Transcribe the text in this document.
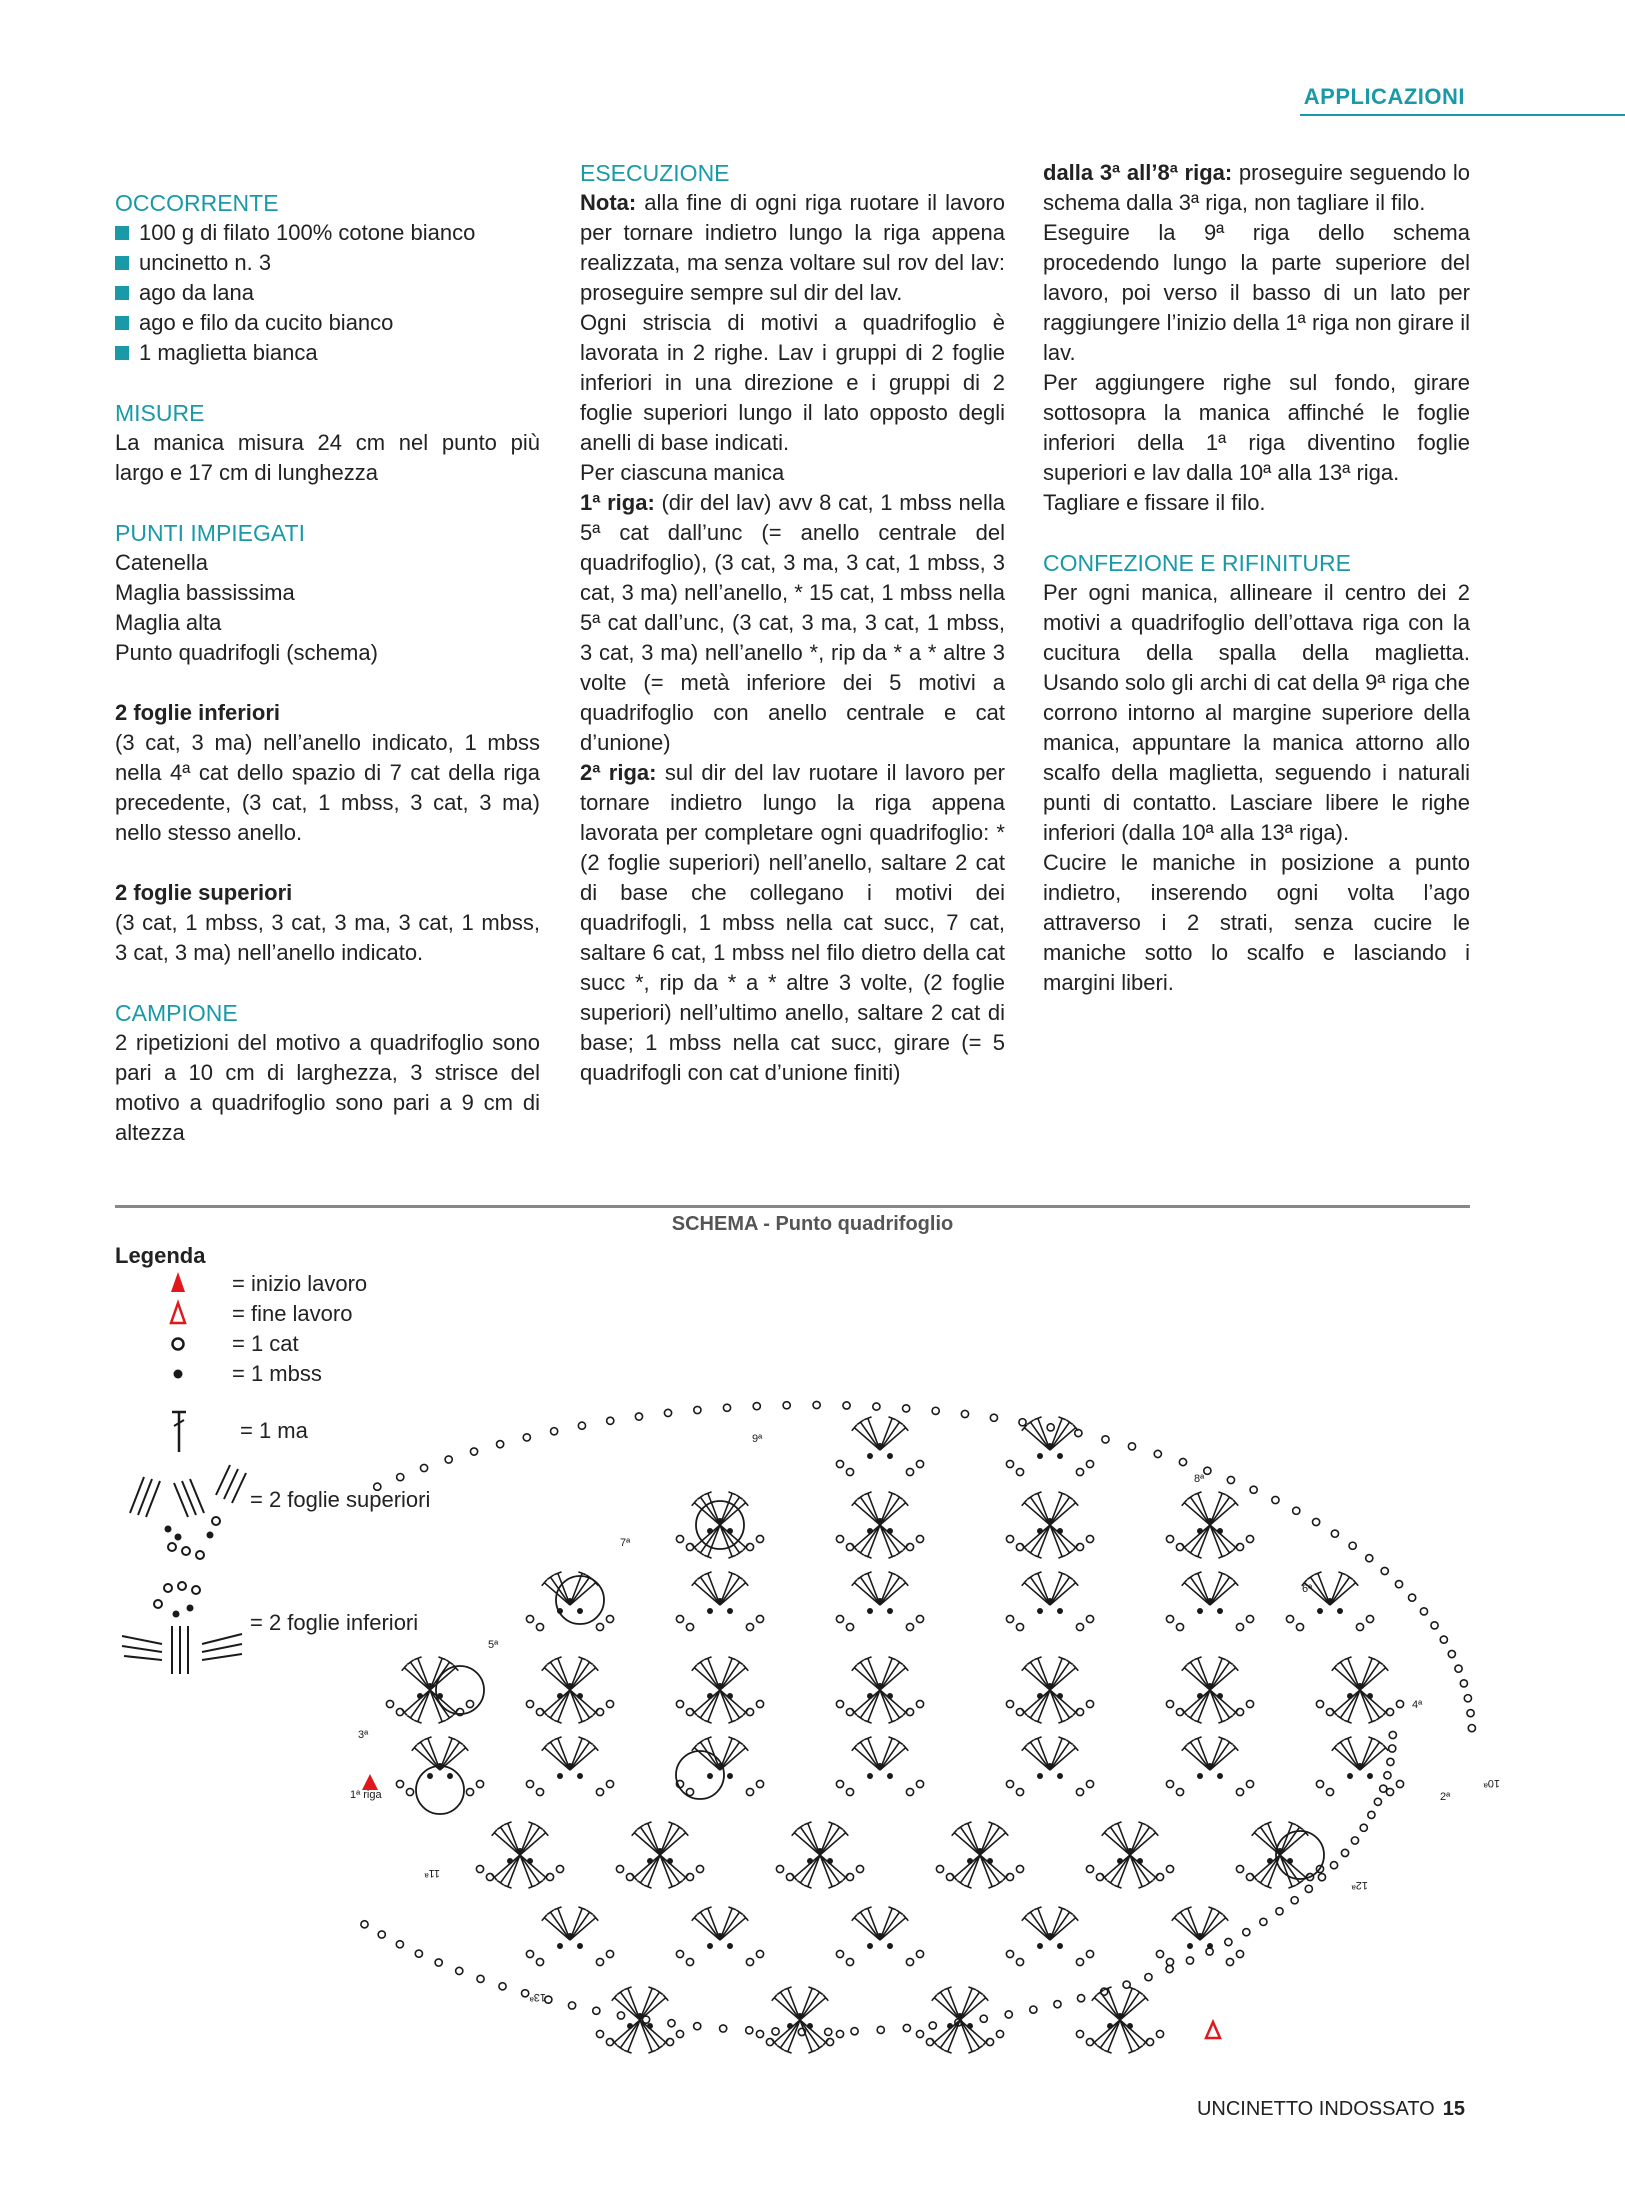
APPLICAZIONI

OCCORRENTE

100 g di filato 100% cotone bianco
uncinetto n. 3
ago da lana
ago e filo da cucito bianco
1 maglietta bianca

MISURE

La manica misura 24 cm nel punto più largo e 17 cm di lunghezza

PUNTI IMPIEGATI

Catenella

Maglia bassissima

Maglia alta

Punto quadrifogli (schema)

2 foglie inferiori

(3 cat, 3 ma) nell’anello indicato, 1 mbss nella 4ª cat dello spazio di 7 cat della riga precedente, (3 cat, 1 mbss, 3 cat, 3 ma) nello stesso anello.

2 foglie superiori

(3 cat, 1 mbss, 3 cat, 3 ma, 3 cat, 1 mbss, 3 cat, 3 ma) nell’anello indicato.

CAMPIONE

2 ripetizioni del motivo a quadrifoglio sono pari a 10 cm di larghezza, 3 strisce del motivo a quadrifoglio sono pari a 9 cm di altezza

ESECUZIONE

Nota: alla fine di ogni riga ruotare il lavoro per tornare indietro lungo la riga appena realizzata, ma senza voltare sul rov del lav: proseguire sempre sul dir del lav.

Ogni striscia di motivi a quadrifoglio è lavorata in 2 righe. Lav i gruppi di 2 foglie inferiori in una direzione e i gruppi di 2 foglie superiori lungo il lato opposto degli anelli di base indicati.

Per ciascuna manica

1ª riga: (dir del lav) avv 8 cat, 1 mbss nella 5ª cat dall’unc (= anello centrale del quadrifoglio), (3 cat, 3 ma, 3 cat, 1 mbss, 3 cat, 3 ma) nell’anello, * 15 cat, 1 mbss nella 5ª cat dall’unc, (3 cat, 3 ma, 3 cat, 1 mbss, 3 cat, 3 ma) nell’anello *, rip da * a * altre 3 volte (= metà inferiore dei 5 motivi a quadrifoglio con anello centrale e cat d’unione)

2ª riga: sul dir del lav ruotare il lavoro per tornare indietro lungo la riga appena lavorata per completare ogni quadrifoglio: * (2 foglie superiori) nell’anello, saltare 2 cat di base che collegano i motivi dei quadrifogli, 1 mbss nella cat succ, 7 cat, saltare 6 cat, 1 mbss nel filo dietro della cat succ *, rip da * a * altre 3 volte, (2 foglie superiori) nell’ultimo anello, saltare 2 cat di base; 1 mbss nella cat succ, girare (= 5 quadrifogli con cat d’unione finiti)

dalla 3ª all’8ª riga: proseguire seguendo lo schema dalla 3ª riga, non tagliare il filo.

Eseguire la 9ª riga dello schema procedendo lungo la parte superiore del lavoro, poi verso il basso di un lato per raggiungere l’inizio della 1ª riga non girare il lav.

Per aggiungere righe sul fondo, girare sottosopra la manica affinché le foglie inferiori della 1ª riga diventino foglie superiori e lav dalla 10ª alla 13ª riga.

Tagliare e fissare il filo.

CONFEZIONE E RIFINITURE

Per ogni manica, allineare il centro dei 2 motivi a quadrifoglio dell’ottava riga con la cucitura della spalla della maglietta. Usando solo gli archi di cat della 9ª riga che corrono intorno al margine superiore della manica, appuntare la manica attorno allo scalfo della maglietta, seguendo i naturali punti di contatto. Lasciare libere le righe inferiori (dalla 10ª alla 13ª riga).

Cucire le maniche in posizione a punto indietro, inserendo ogni volta l’ago attraverso i 2 strati, senza cucire le maniche sotto lo scalfo e lasciando i margini liberi.

SCHEMA - Punto quadrifoglio
Legenda
= inizio lavoro
= fine lavoro
= 1 cat
= 1 mbss
= 1 ma
= 2 foglie superiori
= 2 foglie inferiori
1ª riga	2ª
3ª
4ª
5ª
6ª
7ª
8ª
9ª
10ª
11ª
12ª
13ª
UNCINETTO INDOSSATO 15
